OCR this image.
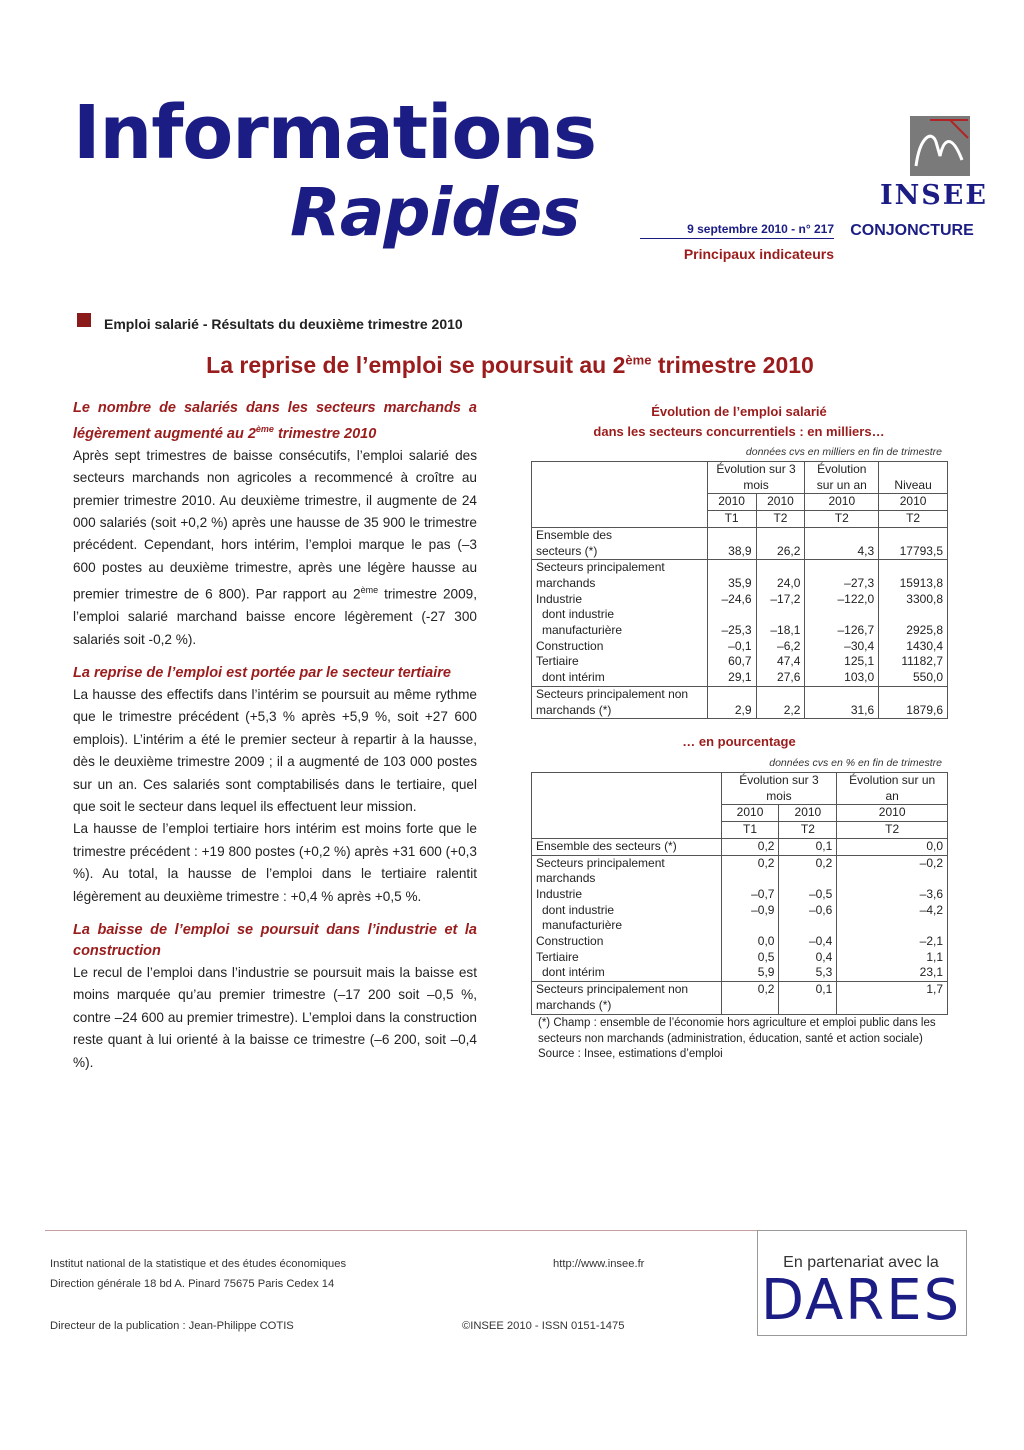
Informations
Rapides	9 septembre 2010 - n° 217
Principaux indicateurs
INSEE
CONJONCTURE
Emploi salarié - Résultats du deuxième trimestre 2010
La reprise de l’emploi se poursuit au 2ème trimestre 2010
Le nombre de salariés dans les secteurs marchands a légèrement augmenté au 2ème trimestre 2010

Après sept trimestres de baisse consécutifs, l’emploi salarié des secteurs marchands non agricoles a recommencé à croître au premier trimestre 2010. Au deuxième trimestre, il augmente de 24 000 salariés (soit +0,2 %) après une hausse de 35 900 le trimestre précédent. Cependant, hors intérim, l’emploi marque le pas (–3 600 postes au deuxième trimestre, après une légère hausse au premier trimestre de 6 800). Par rapport au 2ème trimestre 2009, l’emploi salarié marchand baisse encore légèrement (-27 300 salariés soit -0,2 %).

La reprise de l’emploi est portée par le secteur tertiaire

La hausse des effectifs dans l’intérim se poursuit au même rythme que le trimestre précédent (+5,3 % après +5,9 %, soit +27 600 emplois). L’intérim a été le premier secteur à repartir à la hausse, dès le deuxième trimestre 2009 ; il a augmenté de 103 000 postes sur un an. Ces salariés sont comptabilisés dans le tertiaire, quel que soit le secteur dans lequel ils effectuent leur mission.

La hausse de l’emploi tertiaire hors intérim est moins forte que le trimestre précédent : +19 800 postes (+0,2 %) après +31 600 (+0,3 %). Au total, la hausse de l’emploi dans le tertiaire ralentit légèrement au deuxième trimestre : +0,4 % après +0,5 %.

La baisse de l’emploi se poursuit dans l’industrie et la construction

Le recul de l’emploi dans l’industrie se poursuit mais la baisse est moins marquée qu’au premier trimestre (–17 200 soit –0,5 %, contre –24 600 au premier trimestre). L’emploi dans la construction reste quant à lui orienté à la baisse ce trimestre (–6 200, soit –0,4 %).

Évolution de l’emploi salarié
dans les secteurs concurrentiels : en milliers…
données cvs en milliers en fin de trimestre
	Évolution sur 3 mois		Évolution sur un an	Niveau
	2010	2010	2010	2010
	T1	T2	T2	T2
Ensemble des secteurs (*)	38,9	26,2	4,3	17793,5
Secteurs principalement marchands	35,9	24,0	–27,3	15913,8
Industrie	–24,6	–17,2	–122,0	3300,8
dont industrie manufacturière	–25,3	–18,1	–126,7	2925,8
Construction	–0,1	–6,2	–30,4	1430,4
Tertiaire	60,7	47,4	125,1	11182,7
dont intérim	29,1	27,6	103,0	550,0
Secteurs principalement non marchands (*)	2,9	2,2	31,6	1879,6
… en pourcentage
données cvs en % en fin de trimestre
	Évolution sur 3 mois		Évolution sur un an
	2010	2010	2010
	T1	T2	T2
Ensemble des secteurs (*)	0,2	0,1	0,0
Secteurs principalement marchands	0,2	0,2	–0,2
Industrie	–0,7	–0,5	–3,6
dont industrie manufacturière	–0,9	–0,6	–4,2
Construction	0,0	–0,4	–2,1
Tertiaire	0,5	0,4	1,1
dont intérim	5,9	5,3	23,1
Secteurs principalement non marchands (*)	0,2	0,1	1,7
(*) Champ : ensemble de l’économie hors agriculture et emploi public dans les secteurs non marchands (administration, éducation, santé et action sociale)
Source : Insee, estimations d’emploi
Institut national de la statistique et des études économiques
Direction générale 18 bd A. Pinard 75675 Paris Cedex 14
Directeur de la publication : Jean-Philippe COTIS
http://www.insee.fr
©INSEE 2010 - ISSN 0151-1475
En partenariat avec la
DARES
